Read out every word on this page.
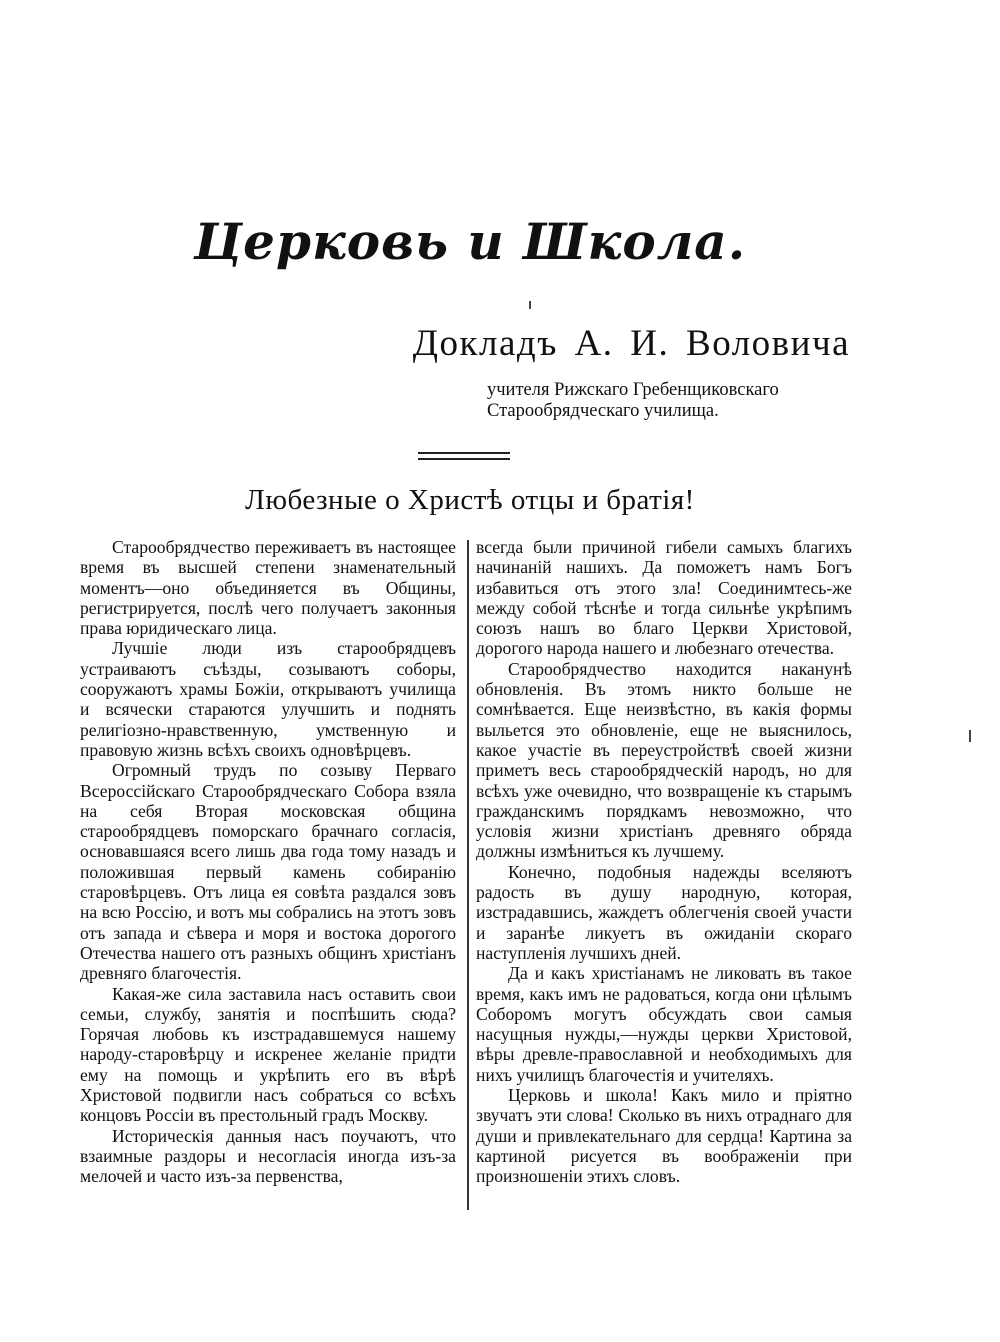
Церковь и Школа.
Докладъ А. И. Воловича
учителя Рижскаго Гребенщиковскаго
Старообрядческаго училища.
Любезные о Христѣ отцы и братія!

Старообрядчество переживаетъ въ настоящее время въ высшей степени знаменательный моментъ—оно объединяется въ Общины, регистрируется, послѣ чего получаетъ законныя права юридическаго лица.

Лучшіе люди изъ старообрядцевъ устраиваютъ съѣзды, созываютъ соборы, сооружаютъ храмы Божіи, открываютъ училища и всячески стараются улучшить и поднять религіозно-нравственную, умственную и правовую жизнь всѣхъ своихъ одновѣрцевъ.

Огромный трудъ по созыву Перваго Всероссійскаго Старообрядческаго Собора взяла на себя Вторая московская община старообрядцевъ поморскаго брачнаго согласія, основавшаяся всего лишь два года тому назадъ и положившая первый камень собиранію старовѣрцевъ. Отъ лица ея совѣта раздался зовъ на всю Россію, и вотъ мы собрались на этотъ зовъ отъ запада и сѣвера и моря и востока дорогого Отечества нашего отъ разныхъ общинъ христіанъ древняго благочестія.

Какая-же сила заставила насъ оставить свои семьи, службу, занятія и поспѣшить сюда? Горячая любовь къ изстрадавшемуся нашему народу-старовѣрцу и искренее желаніе придти ему на помощь и укрѣпить его въ вѣрѣ Христовой подвигли насъ собраться со всѣхъ концовъ Россіи въ престольный градъ Москву.

Историческія данныя насъ поучаютъ, что взаимные раздоры и несогласія иногда изъ-за мелочей и часто изъ-за первенства,

всегда были причиной гибели самыхъ благихъ начинаній нашихъ. Да поможетъ намъ Богъ избавиться отъ этого зла! Соединимтесь-же между собой тѣснѣе и тогда сильнѣе укрѣпимъ союзъ нашъ во благо Церкви Христовой, дорогого народа нашего и любезнаго отечества.

Старообрядчество находится наканунѣ обновленія. Въ этомъ никто больше не сомнѣвается. Еще неизвѣстно, въ какія формы выльется это обновленіе, еще не выяснилось, какое участіе въ переустройствѣ своей жизни приметъ весь старообрядческій народъ, но для всѣхъ уже очевидно, что возвращеніе къ старымъ гражданскимъ порядкамъ невозможно, что условія жизни христіанъ древняго обряда должны измѣниться къ лучшему.

Конечно, подобныя надежды вселяютъ радость въ душу народную, которая, изстрадавшись, жаждетъ облегченія своей участи и заранѣе ликуетъ въ ожиданіи скораго наступленія лучшихъ дней.

Да и какъ христіанамъ не ликовать въ такое время, какъ имъ не радоваться, когда они цѣлымъ Соборомъ могутъ обсуждать свои самыя насущныя нужды,—нужды церкви Христовой, вѣры древле-православной и необходимыхъ для нихъ училищъ благочестія и учителяхъ.

Церковь и школа! Какъ мило и пріятно звучатъ эти слова! Сколько въ нихъ отраднаго для души и привлекательнаго для сердца! Картина за картиной рисуется въ воображеніи при произношеніи этихъ словъ.
